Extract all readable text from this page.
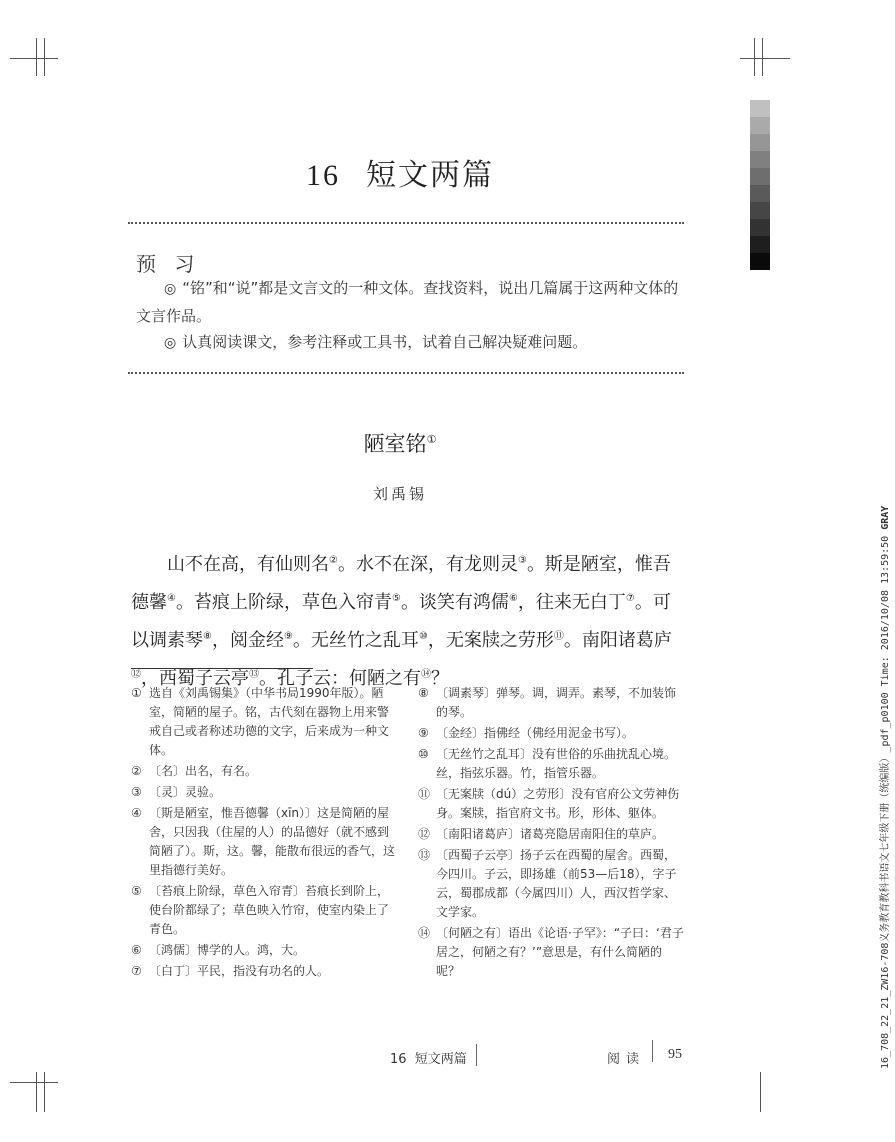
16 短文两篇
预 习
◎ “铭”和“说”都是文言文的一种文体。查找资料，说出几篇属于这两种文体的文言作品。
◎ 认真阅读课文，参考注释或工具书，试着自己解决疑难问题。
陋室铭①
刘禹锡

山不在高，有仙则名②。水不在深，有龙则灵③。斯是陋室，惟吾德馨④。苔痕上阶绿，草色入帘青⑤。谈笑有鸿儒⑥，往来无白丁⑦。可以调素琴⑧，阅金经⑨。无丝竹之乱耳⑩，无案牍之劳形⑪。南阳诸葛庐⑫，西蜀子云亭⑬。孔子云：何陋之有⑭？

① 选自《刘禹锡集》（中华书局1990年版）。陋室，简陋的屋子。铭，古代刻在器物上用来警戒自己或者称述功德的文字，后来成为一种文体。
② 〔名〕出名，有名。
③ 〔灵〕灵验。
④ 〔斯是陋室，惟吾德馨（xīn）〕这是简陋的屋舍，只因我（住屋的人）的品德好（就不感到简陋了）。斯，这。馨，能散布很远的香气，这里指德行美好。
⑤ 〔苔痕上阶绿，草色入帘青〕苔痕长到阶上，使台阶都绿了；草色映入竹帘，使室内染上了青色。
⑥ 〔鸿儒〕博学的人。鸿，大。
⑦ 〔白丁〕平民，指没有功名的人。
⑧ 〔调素琴〕弹琴。调，调弄。素琴，不加装饰的琴。
⑨ 〔金经〕指佛经（佛经用泥金书写）。
⑩ 〔无丝竹之乱耳〕没有世俗的乐曲扰乱心境。丝，指弦乐器。竹，指管乐器。
⑪ 〔无案牍（dú）之劳形〕没有官府公文劳神伤身。案牍，指官府文书。形，形体、躯体。
⑫ 〔南阳诸葛庐〕诸葛亮隐居南阳住的草庐。
⑬ 〔西蜀子云亭〕扬子云在西蜀的屋舍。西蜀，今四川。子云，即扬雄（前53—后18），字子云，蜀郡成都（今属四川）人，西汉哲学家、文学家。
⑭ 〔何陋之有〕语出《论语·子罕》：“子曰：‘君子居之，何陋之有？’”意思是，有什么简陋的呢？
16  短文两篇	阅读 95	16_708_22_21_ZW16-708义务教育教科书语文七年级下册（统编版）_pdf_p0100 Time: 2016/10/08 13:59:50 GRAY
